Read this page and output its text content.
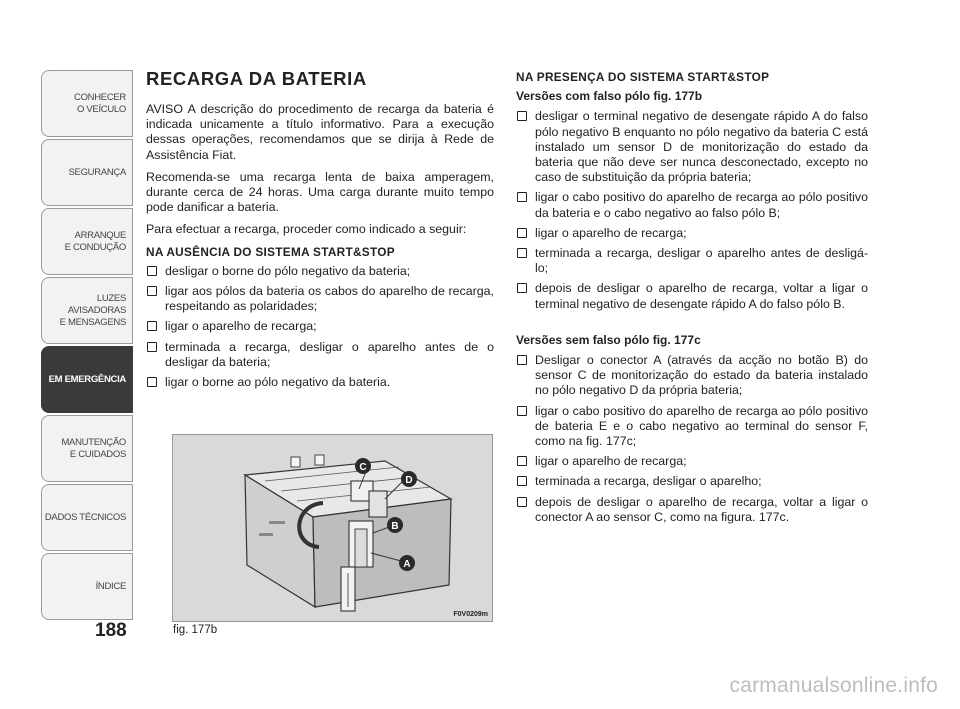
CONHECER
O VEÍCULO
SEGURANÇA
ARRANQUE
E CONDUÇÃO
LUZES AVISADORAS
E MENSAGENS
EM EMERGÊNCIA
MANUTENÇÃO
E CUIDADOS
DADOS TÉCNICOS
ÍNDICE
188
RECARGA DA BATERIA

AVISO A descrição do procedimento de recarga da bateria é indicada unicamente a título informativo. Para a execução dessas operações, recomendamos que se dirija à Rede de Assistência Fiat.

Recomenda-se uma recarga lenta de baixa amperagem, durante cerca de 24 horas. Uma carga durante muito tempo pode danificar a bateria.

Para efectuar a recarga, proceder como indicado a seguir:

NA AUSÊNCIA DO SISTEMA START&STOP
desligar o borne do pólo negativo da bateria;
ligar aos pólos da bateria os cabos do aparelho de recarga, respeitando as polaridades;
ligar o aparelho de recarga;
terminada a recarga, desligar o aparelho antes de o desligar da bateria;
ligar o borne ao pólo negativo da bateria.
C
D
B
A
F0V0209m
fig. 177b
NA PRESENÇA DO SISTEMA START&STOP
Versões com falso pólo fig. 177b
desligar o terminal negativo de desengate rápido A do falso pólo negativo B enquanto no pólo negativo da bateria C está instalado um sensor D de monitorização do estado da bateria que não deve ser nunca desconectado, excepto no caso de substituição da própria bateria;
ligar o cabo positivo do aparelho de recarga ao pólo positivo da bateria e o cabo negativo ao falso pólo B;
ligar o aparelho de recarga;
terminada a recarga, desligar o aparelho antes de desligá-lo;
depois de desligar o aparelho de recarga, voltar a ligar o terminal negativo de desengate rápido A do falso pólo B.
Versões sem falso pólo fig. 177c
Desligar o conector A (através da acção no botão B) do sensor C de monitorização do estado da bateria instalado no pólo negativo D da própria bateria;
ligar o cabo positivo do aparelho de recarga ao pólo positivo de bateria E e o cabo negativo ao terminal do sensor F, como na fig. 177c;
ligar o aparelho de recarga;
terminada a recarga, desligar o aparelho;
depois de desligar o aparelho de recarga, voltar a ligar o conector A ao sensor C, como na figura. 177c.
carmanualsonline.info
